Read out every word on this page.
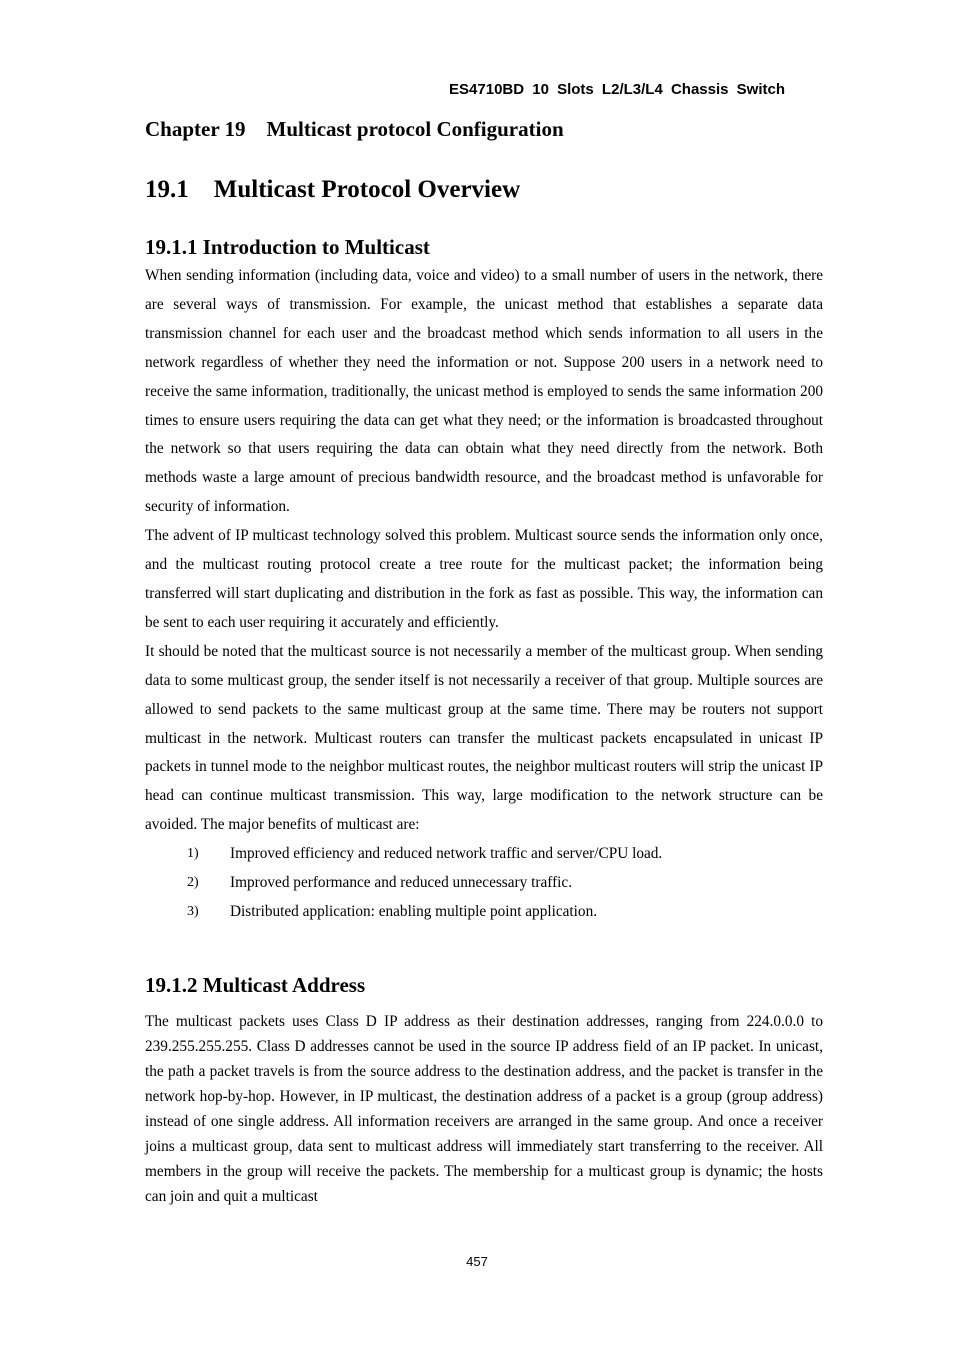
ES4710BD 10 Slots L2/L3/L4 Chassis Switch
Chapter 19    Multicast protocol Configuration
19.1    Multicast Protocol Overview
19.1.1 Introduction to Multicast

When sending information (including data, voice and video) to a small number of users in the network, there are several ways of transmission. For example, the unicast method that establishes a separate data transmission channel for each user and the broadcast method which sends information to all users in the network regardless of whether they need the information or not. Suppose 200 users in a network need to receive the same information, traditionally, the unicast method is employed to sends the same information 200 times to ensure users requiring the data can get what they need; or the information is broadcasted throughout the network so that users requiring the data can obtain what they need directly from the network. Both methods waste a large amount of precious bandwidth resource, and the broadcast method is unfavorable for security of information.

The advent of IP multicast technology solved this problem. Multicast source sends the information only once, and the multicast routing protocol create a tree route for the multicast packet; the information being transferred will start duplicating and distribution in the fork as fast as possible. This way, the information can be sent to each user requiring it accurately and efficiently.

It should be noted that the multicast source is not necessarily a member of the multicast group. When sending data to some multicast group, the sender itself is not necessarily a receiver of that group. Multiple sources are allowed to send packets to the same multicast group at the same time. There may be routers not support multicast in the network. Multicast routers can transfer the multicast packets encapsulated in unicast IP packets in tunnel mode to the neighbor multicast routes, the neighbor multicast routers will strip the unicast IP head can continue multicast transmission. This way, large modification to the network structure can be avoided. The major benefits of multicast are:

1)	Improved efficiency and reduced network traffic and server/CPU load.
2)	Improved performance and reduced unnecessary traffic.
3)	Distributed application: enabling multiple point application.
19.1.2 Multicast Address

The multicast packets uses Class D IP address as their destination addresses, ranging from 224.0.0.0 to 239.255.255.255. Class D addresses cannot be used in the source IP address field of an IP packet. In unicast, the path a packet travels is from the source address to the destination address, and the packet is transfer in the network hop-by-hop. However, in IP multicast, the destination address of a packet is a group (group address) instead of one single address. All information receivers are arranged in the same group. And once a receiver joins a multicast group, data sent to multicast address will immediately start transferring to the receiver. All members in the group will receive the packets. The membership for a multicast group is dynamic; the hosts can join and quit a multicast

457
